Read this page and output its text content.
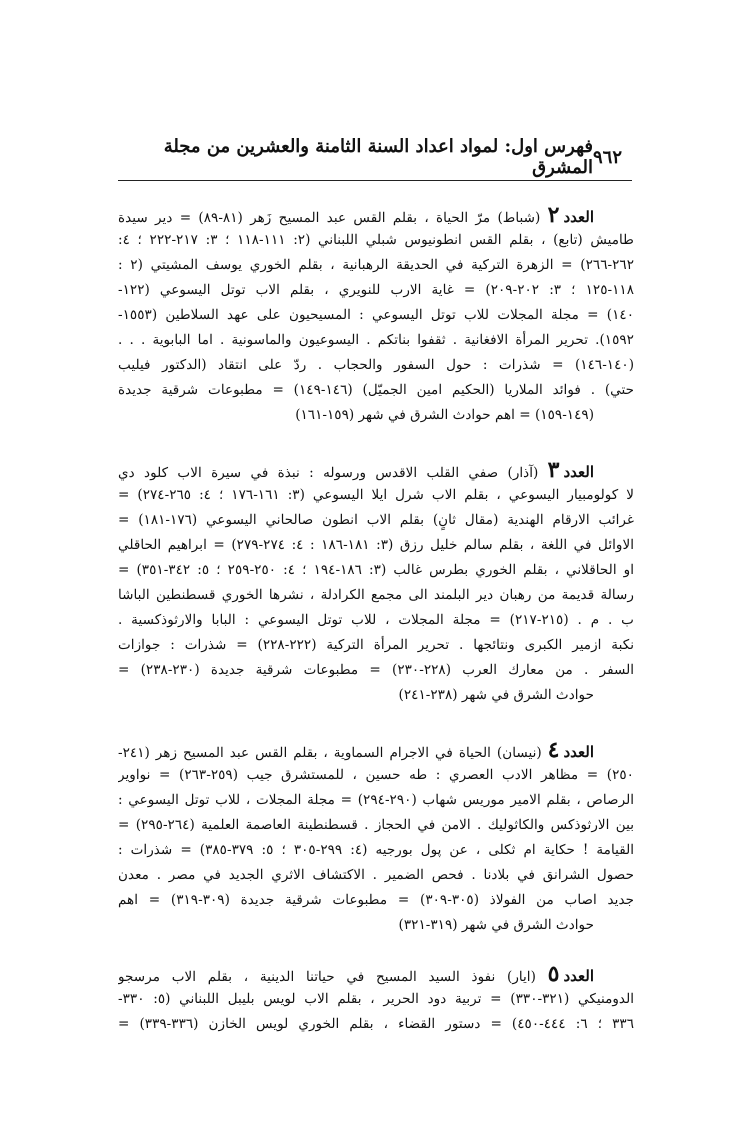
٩٦٢
فهرس اول: لمواد اعداد السنة الثامنة والعشرين من مجلة المشرق
العدد٢ (شباط) مرّ الحياة ، بقلم القس عبد المسيح زَهر (٨١-٨٩) = دير سيدة
طاميش (تابع) ، بقلم القس انطونيوس شبلي اللبناني (٢: ١١١-١١٨ ؛ ٣: ٢١٧-٢٢٢ ؛ ٤:
٢٦٢-٢٦٦) = الزهرة التركية في الحديقة الرهبانية ، بقلم الخوري يوسف المشيتي (٢ :
١١٨-١٢٥ ؛ ٣: ٢٠٢-٢٠٩) = غاية الارب للنويري ، بقلم الاب توتل اليسوعي (١٢٢-
١٤٠) = مجلة المجلات للاب توتل اليسوعي : المسيحيون على عهد السلاطين (١٥٥٣-
١٥٩٢). تحرير المرأة الافغانية . ثقفوا بناتكم . اليسوعيون والماسونية . اما البابوية . . .
(١٤٠-١٤٦) = شذرات : حول السفور والحجاب . ردّ على انتقاد (الدكتور فيليب
حتي) . فوائد الملاريا (الحكيم امين الجميّل) (١٤٦-١٤٩) = مطبوعات شرقية جديدة
(١٤٩-١٥٩) = اهم حوادث الشرق في شهر (١٥٩-١٦١)
العدد٣ (آذار) صفي القلب الاقدس ورسوله : نبذة في سيرة الاب كلود دي
لا كولومبيار اليسوعي ، بقلم الاب شرل ايلا اليسوعي (٣: ١٦١-١٧٦ ؛ ٤: ٢٦٥-٢٧٤) =
غرائب الارقام الهندية (مقال ثانٍ) بقلم الاب انطون صالحاني اليسوعي (١٧٦-١٨١) =
الاوائل في اللغة ، بقلم سالم خليل رزق (٣: ١٨١-١٨٦ : ٤: ٢٧٤-٢٧٩) = ابراهيم الحاقلي
او الحاقلاني ، بقلم الخوري بطرس غالب (٣: ١٨٦-١٩٤ ؛ ٤: ٢٥٠-٢٥٩ ؛ ٥: ٣٤٢-٣٥١) =
رسالة قديمة من رهبان دير البلمند الى مجمع الكرادلة ، نشرها الخوري قسطنطين الباشا
ب . م . (٢١٥-٢١٧) = مجلة المجلات ، للاب توتل اليسوعي : البابا والارثوذكسية .
نكبة ازمير الكبرى ونتائجها . تحرير المرأة التركية (٢٢٢-٢٢٨) = شذرات : جوازات
السفر . من معارك العرب (٢٢٨-٢٣٠) = مطبوعات شرقية جديدة (٢٣٠-٢٣٨) =
حوادث الشرق في شهر (٢٣٨-٢٤١)
العدد٤ (نيسان) الحياة في الاجرام السماوية ، بقلم القس عبد المسيح زهر (٢٤١-
٢٥٠) = مظاهر الادب العصري : طه حسين ، للمستشرق جيب (٢٥٩-٢٦٣) = نواوير
الرصاص ، بقلم الامير موريس شهاب (٢٩٠-٢٩٤) = مجلة المجلات ، للاب توتل اليسوعي :
بين الارثوذكس والكاثوليك . الامن في الحجاز . قسطنطينة العاصمة العلمية (٢٦٤-٢٩٥) =
القيامة ! حكاية ام ثكلى ، عن پول بورجيه (٤: ٢٩٩-٣٠٥ ؛ ٥: ٣٧٩-٣٨٥) = شذرات :
حصول الشرانق في بلادنا . فحص الضمير . الاكتشاف الاثري الجديد في مصر . معدن
جديد اصاب من الفولاذ (٣٠٥-٣٠٩) = مطبوعات شرقية جديدة (٣٠٩-٣١٩) = اهم
حوادث الشرق في شهر (٣١٩-٣٢١)
العدد٥ (ايار) نفوذ السيد المسيح في حياتنا الدينية ، بقلم الاب مرسجو
الدومنيكي (٣٢١-٣٣٠) = تربية دود الحرير ، بقلم الاب لويس بليبل اللبناني (٥: ٣٣٠-
٣٣٦ ؛ ٦: ٤٤٤-٤٥٠) = دستور القضاء ، بقلم الخوري لويس الخازن (٣٣٦-٣٣٩) =
